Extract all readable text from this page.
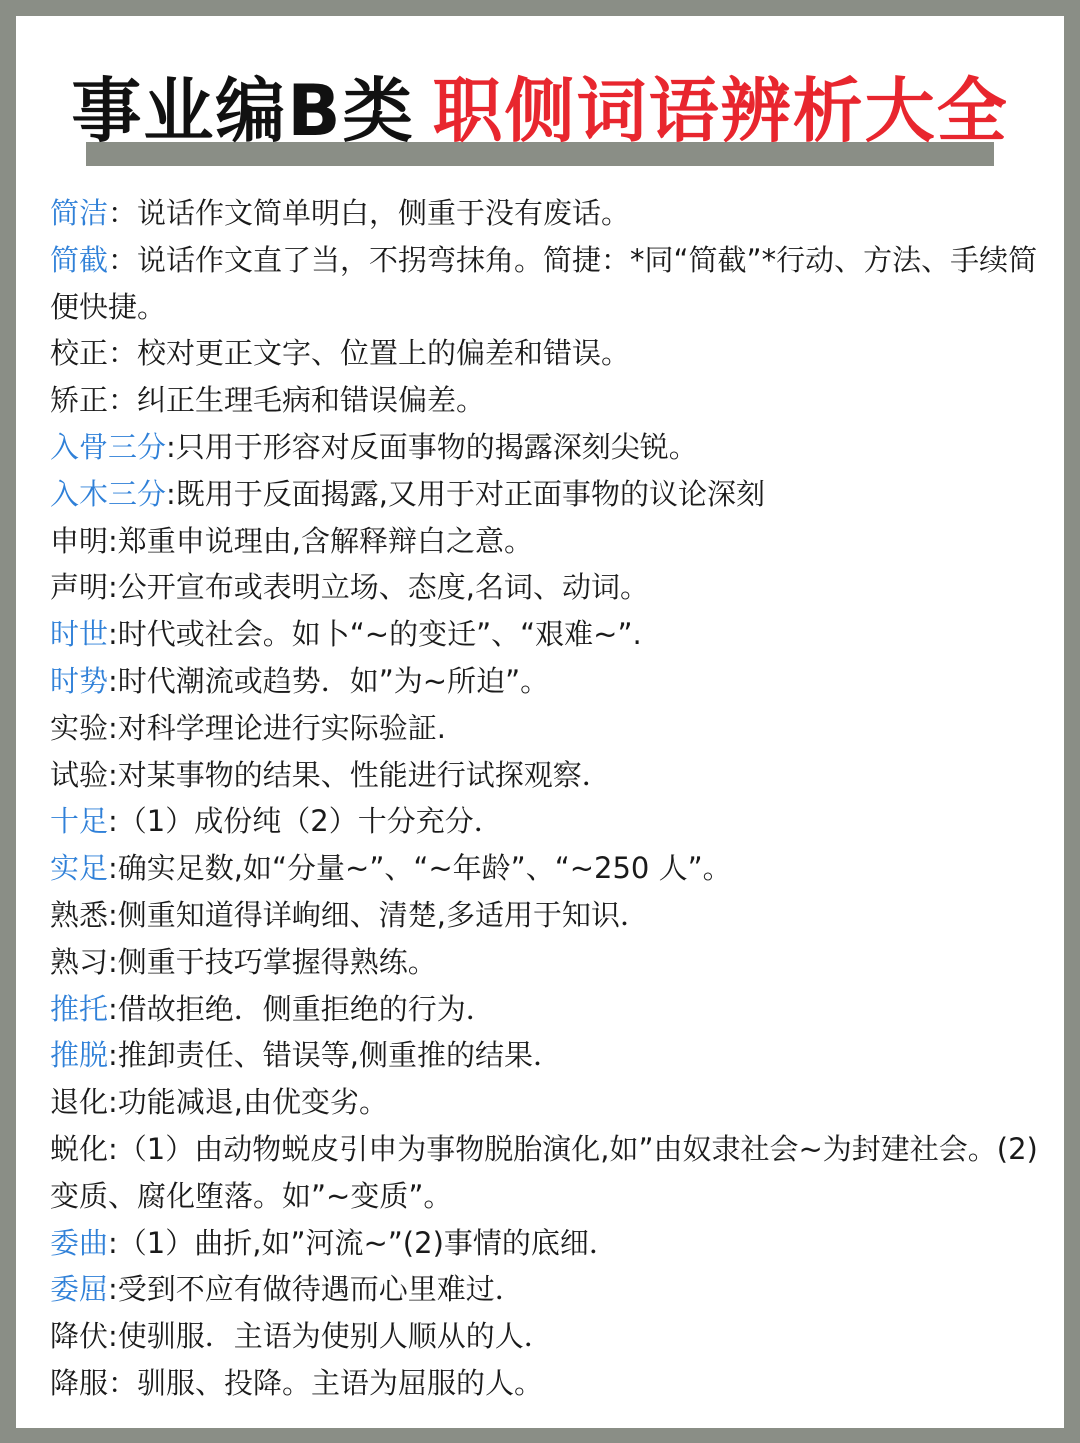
事业编B类 职侧词语辨析大全

简洁：说话作文简单明白，侧重于没有废话。

简截：说话作文直了当，不拐弯抹角。简捷：*同“简截”*行动、方法、手续简便快捷。

校正：校对更正文字、位置上的偏差和错误。

矫正：纠正生理毛病和错误偏差。

入骨三分:只用于形容对反面事物的揭露深刻尖锐。

入木三分:既用于反面揭露,又用于对正面事物的议论深刻

申明:郑重申说理由,含解释辩白之意。

声明:公开宣布或表明立场、态度,名词、动词。

时世:时代或社会。如卜“~的变迁”、“艰难~”.

时势:时代潮流或趋势．如”为~所迫”。

实验:对科学理论进行实际验証.

试验:对某事物的结果、性能进行试探观察．

十足:（1）成份纯（2）十分充分．

实足:确实足数,如“分量~”、“~年龄”、“~250 人”。

熟悉:侧重知道得详峋细、清楚,多适用于知识．

熟习:侧重于技巧掌握得熟练。

推托:借故拒绝．侧重拒绝的行为．

推脱:推卸责任、错误等,侧重推的结果．

退化:功能减退,由优变劣。

蜕化:（1）由动物蜕皮引申为事物脱胎演化,如”由奴隶社会~为封建社会。(2)变质、腐化堕落。如”~变质”。

委曲:（1）曲折,如”河流~”(2)事情的底细．

委屈:受到不应有做待遇而心里难过．

降伏:使驯服．主语为使别人顺从的人．

降服：驯服、投降。主语为屈服的人。
